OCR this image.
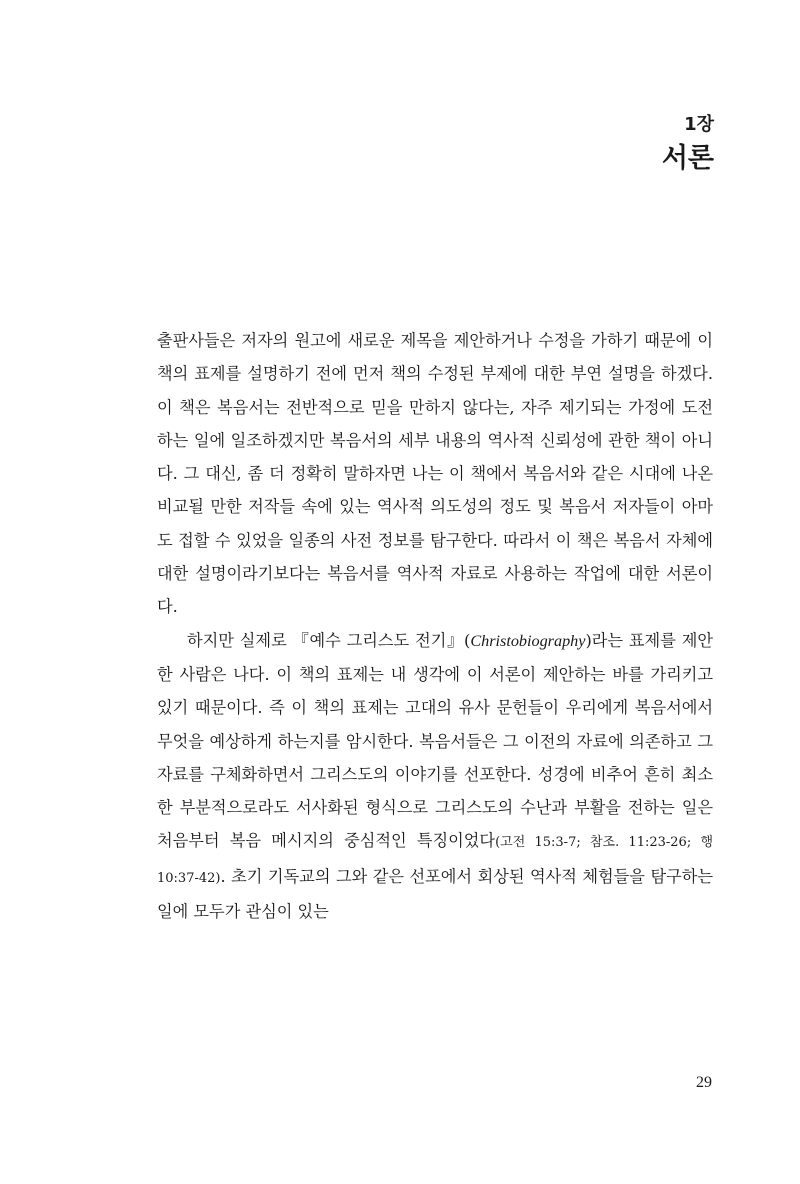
1장
서론

출판사들은 저자의 원고에 새로운 제목을 제안하거나 수정을 가하기 때문에 이 책의 표제를 설명하기 전에 먼저 책의 수정된 부제에 대한 부연 설명을 하겠다. 이 책은 복음서는 전반적으로 믿을 만하지 않다는, 자주 제기되는 가정에 도전하는 일에 일조하겠지만 복음서의 세부 내용의 역사적 신뢰성에 관한 책이 아니다. 그 대신, 좀 더 정확히 말하자면 나는 이 책에서 복음서와 같은 시대에 나온 비교될 만한 저작들 속에 있는 역사적 의도성의 정도 및 복음서 저자들이 아마도 접할 수 있었을 일종의 사전 정보를 탐구한다. 따라서 이 책은 복음서 자체에 대한 설명이라기보다는 복음서를 역사적 자료로 사용하는 작업에 대한 서론이다.

하지만 실제로 『예수 그리스도 전기』(Christobiography)라는 표제를 제안한 사람은 나다. 이 책의 표제는 내 생각에 이 서론이 제안하는 바를 가리키고 있기 때문이다. 즉 이 책의 표제는 고대의 유사 문헌들이 우리에게 복음서에서 무엇을 예상하게 하는지를 암시한다. 복음서들은 그 이전의 자료에 의존하고 그 자료를 구체화하면서 그리스도의 이야기를 선포한다. 성경에 비추어 흔히 최소한 부분적으로라도 서사화된 형식으로 그리스도의 수난과 부활을 전하는 일은 처음부터 복음 메시지의 중심적인 특징이었다(고전 15:3-7; 참조. 11:23-26; 행 10:37-42). 초기 기독교의 그와 같은 선포에서 회상된 역사적 체험들을 탐구하는 일에 모두가 관심이 있는

29
